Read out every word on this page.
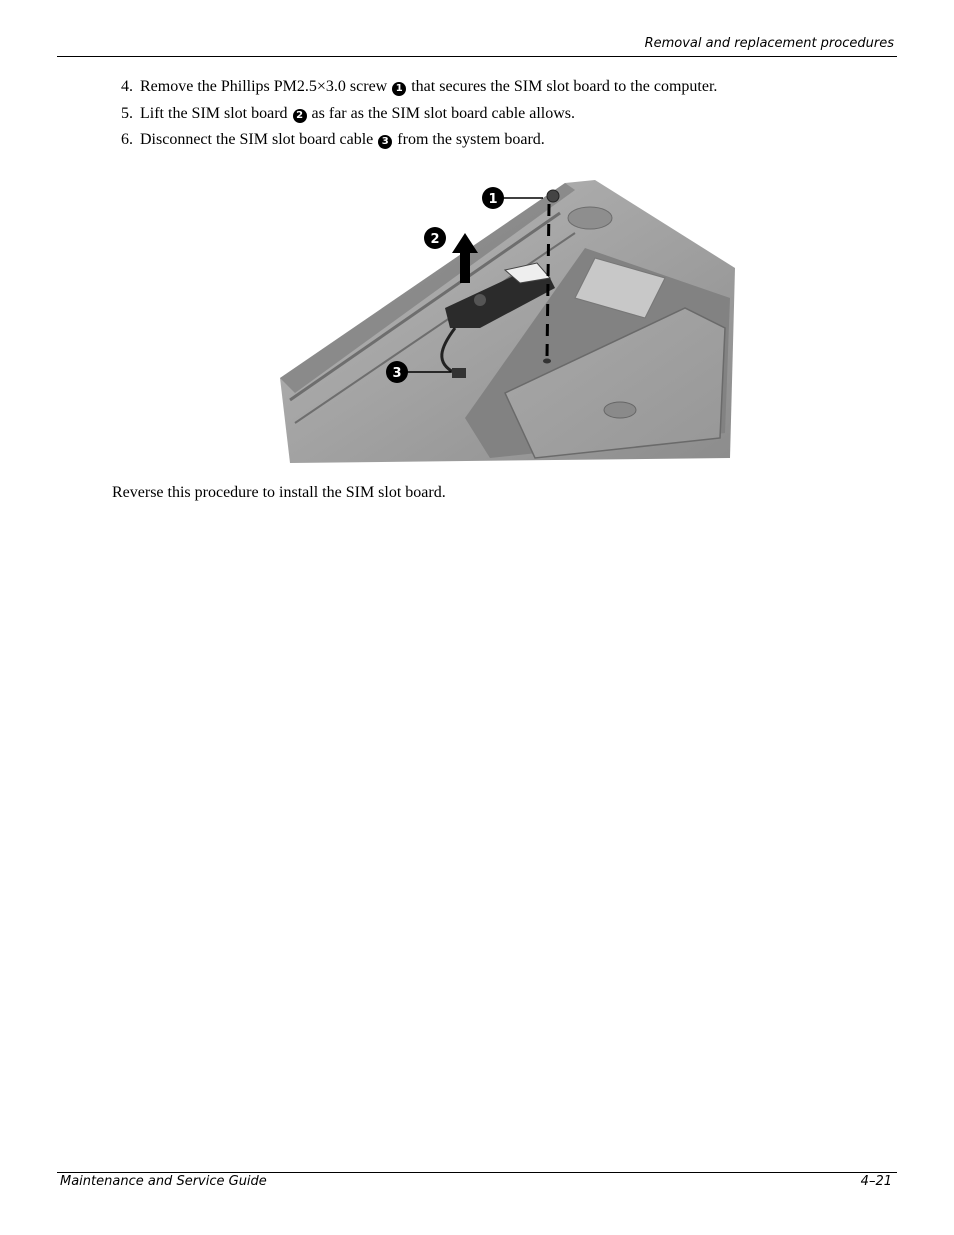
Removal and replacement procedures
4. Remove the Phillips PM2.5×3.0 screw 1 that secures the SIM slot board to the computer.
5. Lift the SIM slot board 2 as far as the SIM slot board cable allows.
6. Disconnect the SIM slot board cable 3 from the system board.
1
2
3

Reverse this procedure to install the SIM slot board.

Maintenance and Service Guide	4–21
